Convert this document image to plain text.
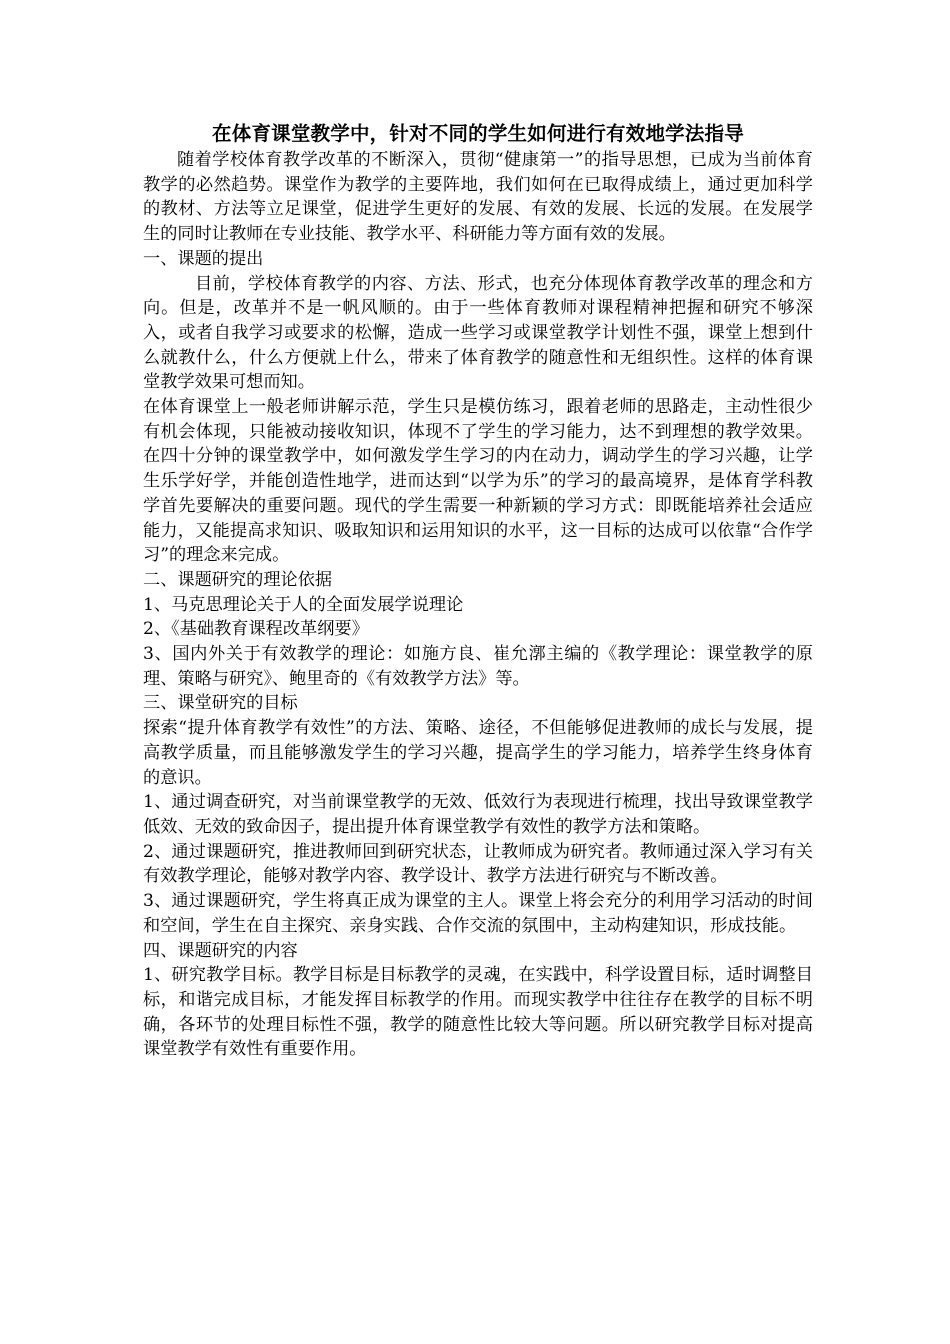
在体育课堂教学中，针对不同的学生如何进行有效地学法指导

随着学校体育教学改革的不断深入，贯彻“健康第一”的指导思想，已成为当前体育教学的必然趋势。课堂作为教学的主要阵地，我们如何在已取得成绩上，通过更加科学的教材、方法等立足课堂，促进学生更好的发展、有效的发展、长远的发展。在发展学生的同时让教师在专业技能、教学水平、科研能力等方面有效的发展。

一、课题的提出

目前，学校体育教学的内容、方法、形式，也充分体现体育教学改革的理念和方向。但是，改革并不是一帆风顺的。由于一些体育教师对课程精神把握和研究不够深入，或者自我学习或要求的松懈，造成一些学习或课堂教学计划性不强，课堂上想到什么就教什么，什么方便就上什么，带来了体育教学的随意性和无组织性。这样的体育课堂教学效果可想而知。

在体育课堂上一般老师讲解示范，学生只是模仿练习，跟着老师的思路走，主动性很少有机会体现，只能被动接收知识，体现不了学生的学习能力，达不到理想的教学效果。在四十分钟的课堂教学中，如何激发学生学习的内在动力，调动学生的学习兴趣，让学生乐学好学，并能创造性地学，进而达到“以学为乐”的学习的最高境界，是体育学科教学首先要解决的重要问题。现代的学生需要一种新颖的学习方式：即既能培养社会适应能力，又能提高求知识、吸取知识和运用知识的水平，这一目标的达成可以依靠“合作学习”的理念来完成。

二、课题研究的理论依据

1、马克思理论关于人的全面发展学说理论

2、《基础教育课程改革纲要》

3、国内外关于有效教学的理论：如施方良、崔允漷主编的《教学理论：课堂教学的原理、策略与研究》、鲍里奇的《有效教学方法》等。

三、课堂研究的目标

探索“提升体育教学有效性”的方法、策略、途径，不但能够促进教师的成长与发展，提高教学质量，而且能够激发学生的学习兴趣，提高学生的学习能力，培养学生终身体育的意识。

1、通过调查研究，对当前课堂教学的无效、低效行为表现进行梳理，找出导致课堂教学低效、无效的致命因子，提出提升体育课堂教学有效性的教学方法和策略。

2、通过课题研究，推进教师回到研究状态，让教师成为研究者。教师通过深入学习有关有效教学理论，能够对教学内容、教学设计、教学方法进行研究与不断改善。

3、通过课题研究，学生将真正成为课堂的主人。课堂上将会充分的利用学习活动的时间和空间，学生在自主探究、亲身实践、合作交流的氛围中，主动构建知识，形成技能。

四、课题研究的内容

1、研究教学目标。教学目标是目标教学的灵魂，在实践中，科学设置目标，适时调整目标，和谐完成目标，才能发挥目标教学的作用。而现实教学中往往存在教学的目标不明确，各环节的处理目标性不强，教学的随意性比较大等问题。所以研究教学目标对提高课堂教学有效性有重要作用。
